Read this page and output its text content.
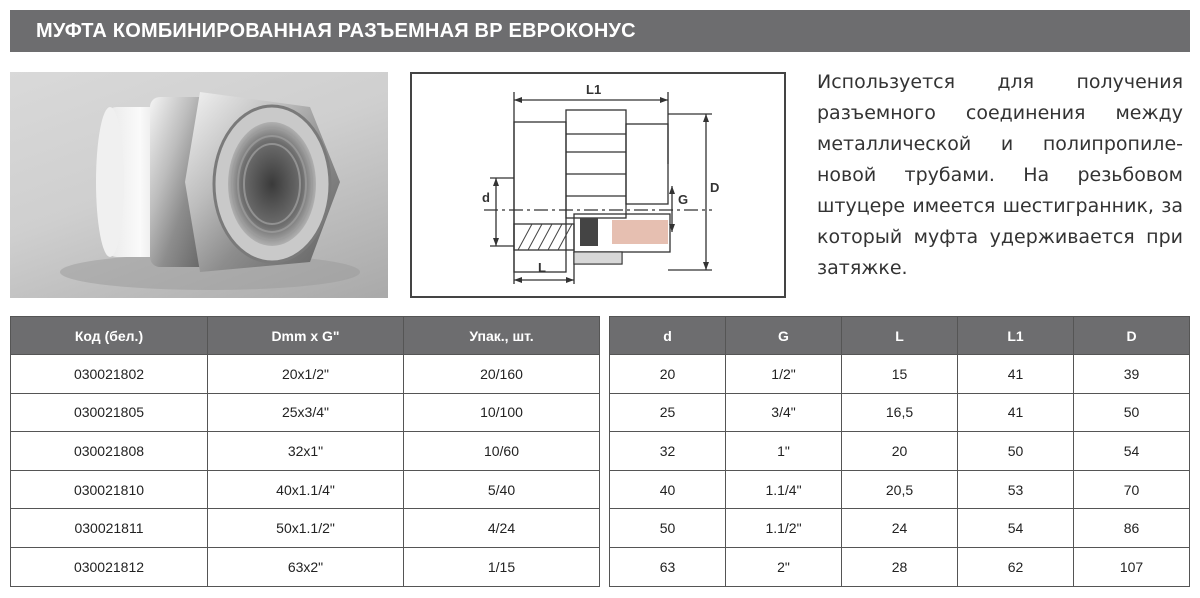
МУФТА КОМБИНИРОВАННАЯ РАЗЪЕМНАЯ ВР ЕВРОКОНУС
L1
d	G
D
L
Используется для получения разъемного соединения между металлической и полипропиле-новой трубами. На резьбовом штуцере имеется шестигранник, за который муфта удерживается при затяжке.
Код (бел.)	Dmm x G"	Упак., шт.
030021802	20x1/2"	20/160
030021805	25x3/4"	10/100
030021808	32x1"	10/60
030021810	40x1.1/4"	5/40
030021811	50x1.1/2"	4/24
030021812	63x2"	1/15
d	G	L	L1	D
20	1/2"	15	41	39
25	3/4"	16,5	41	50
32	1"	20	50	54
40	1.1/4"	20,5	53	70
50	1.1/2"	24	54	86
63	2"	28	62	107
